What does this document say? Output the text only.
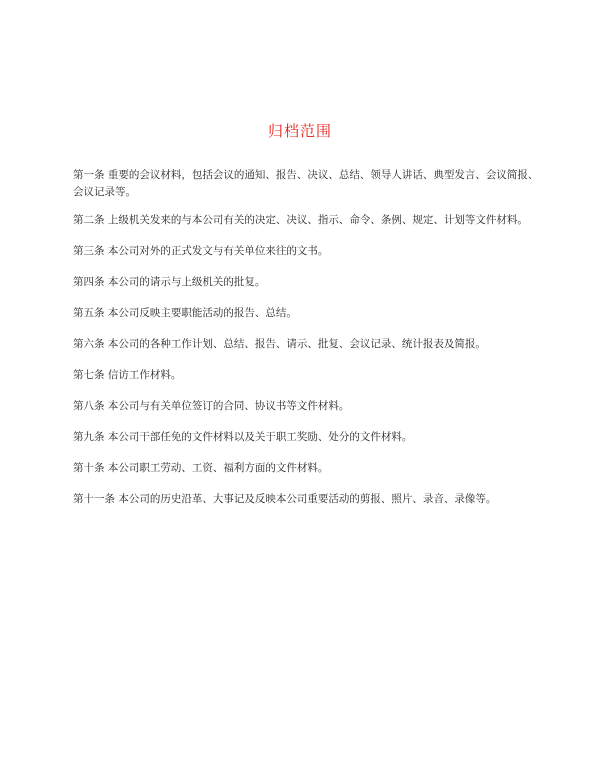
归档范围
第一条 重要的会议材料，包括会议的通知、报告、决议、总结、领导人讲话、典型发言、会议简报、会议记录等。
第二条 上级机关发来的与本公司有关的决定、决议、指示、命令、条例、规定、计划等文件材料。
第三条 本公司对外的正式发文与有关单位来往的文书。
第四条 本公司的请示与上级机关的批复。
第五条 本公司反映主要职能活动的报告、总结。
第六条 本公司的各种工作计划、总结、报告、请示、批复、会议记录、统计报表及简报。
第七条 信访工作材料。
第八条 本公司与有关单位签订的合同、协议书等文件材料。
第九条 本公司干部任免的文件材料以及关于职工奖励、处分的文件材料。
第十条 本公司职工劳动、工资、福利方面的文件材料。
第十一条 本公司的历史沿革、大事记及反映本公司重要活动的剪报、照片、录音、录像等。
